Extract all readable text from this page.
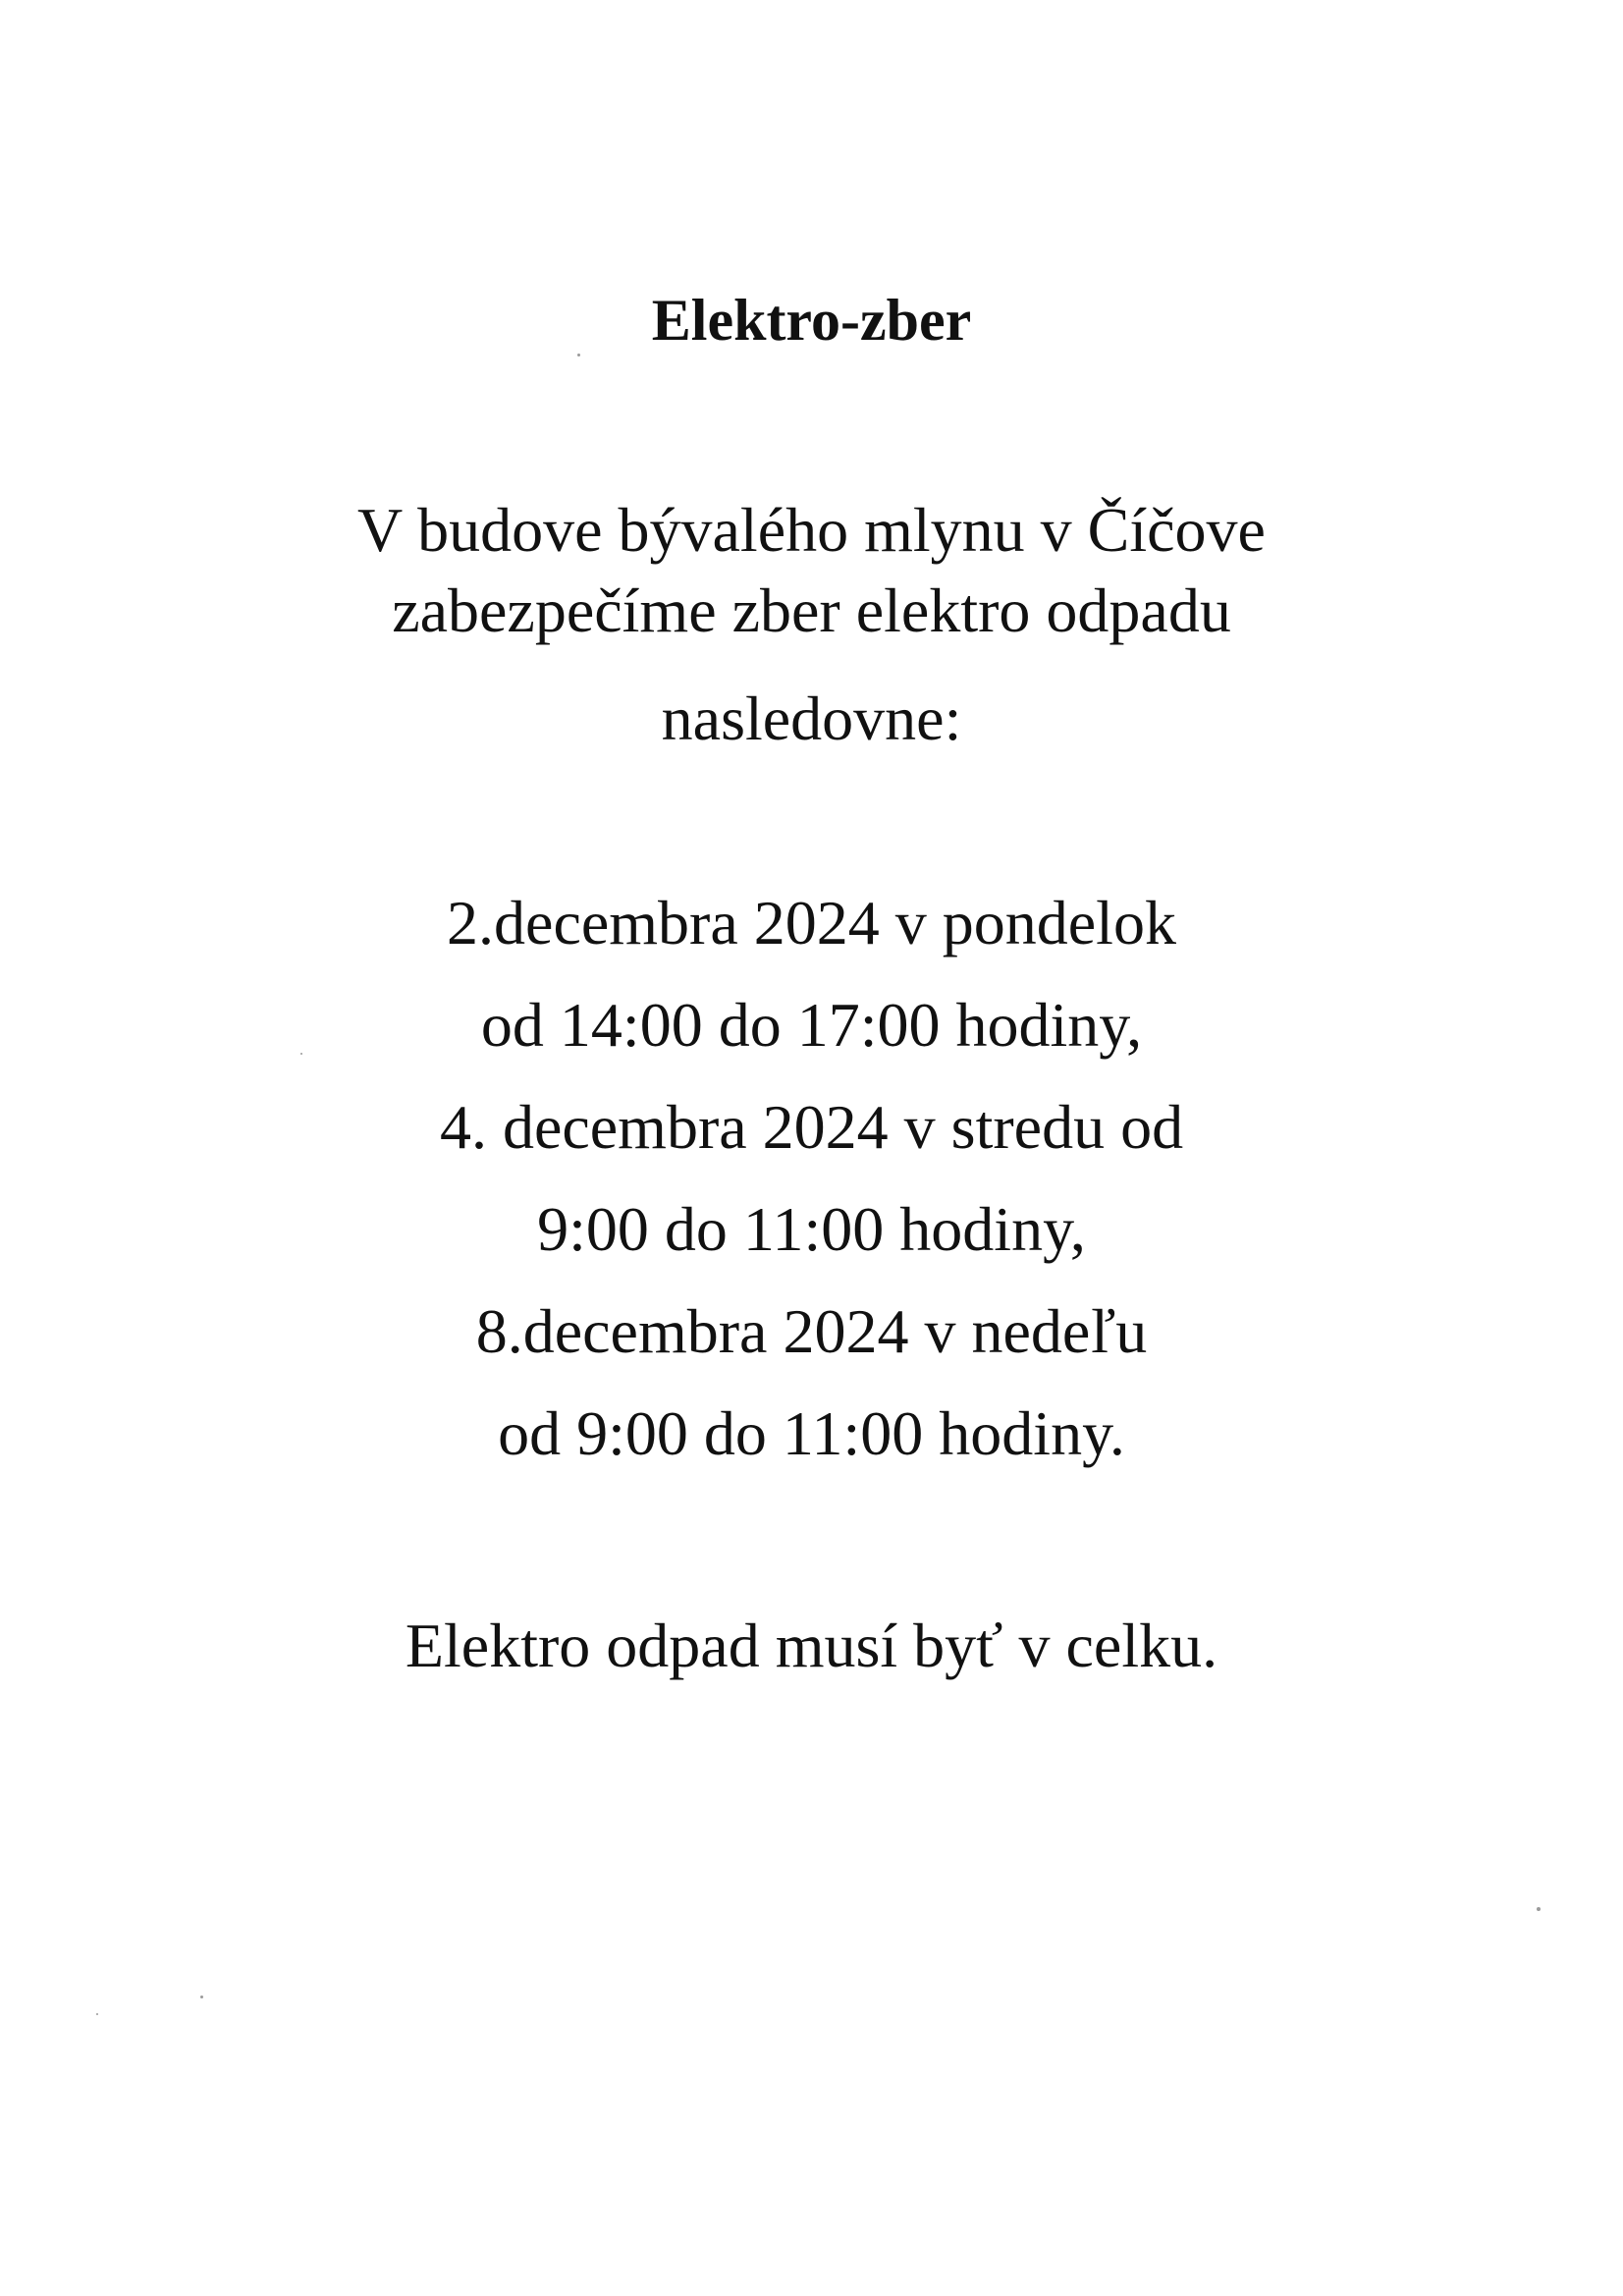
Elektro-zber
V budove bývalého mlynu v Číčove
zabezpečíme zber elektro odpadu
nasledovne:
2.decembra 2024 v pondelok
od 14:00 do 17:00 hodiny,
4. decembra 2024 v stredu od
9:00 do 11:00 hodiny,
8.decembra 2024 v nedeľu
od 9:00 do 11:00 hodiny.
Elektro odpad musí byť v celku.
